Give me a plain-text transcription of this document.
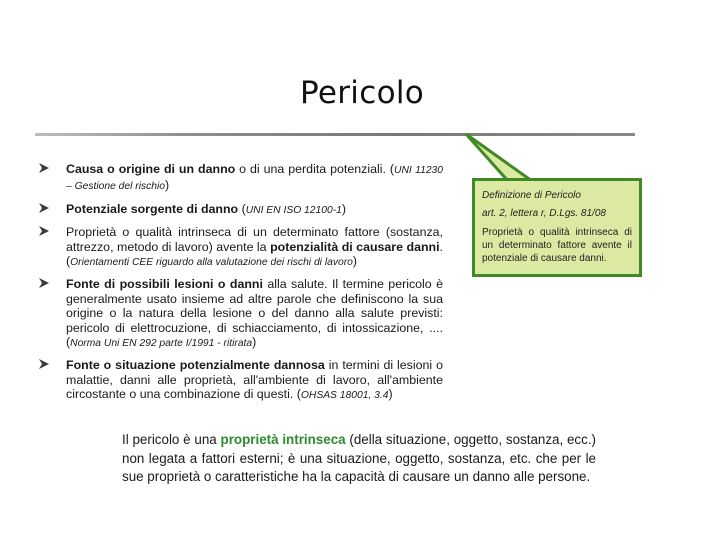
Pericolo
Causa o origine di un danno o di una perdita potenziali. (UNI 11230 – Gestione del rischio)
Potenziale sorgente di danno (UNI EN ISO 12100-1)
Proprietà o qualità intrinseca di un determinato fattore (sostanza, attrezzo, metodo di lavoro) avente la potenzialità di causare danni. (Orientamenti CEE riguardo alla valutazione dei rischi di lavoro)
Fonte di possibili lesioni o danni alla salute. Il termine pericolo è generalmente usato insieme ad altre parole che definiscono la sua origine o la natura della lesione o del danno alla salute previsti: pericolo di elettrocuzione, di schiacciamento, di intossicazione, ....(Norma Uni EN 292 parte I/1991 - ritirata)
Fonte o situazione potenzialmente dannosa in termini di lesioni o malattie, danni alle proprietà, all'ambiente di lavoro, all'ambiente circostante o una combinazione di questi. (OHSAS 18001, 3.4)
Definizione di Pericolo
art. 2, lettera r, D.Lgs. 81/08
Proprietà o qualità intrinseca di un determinato fattore avente il potenziale di causare danni.
Il pericolo è una proprietà intrinseca (della situazione, oggetto, sostanza, ecc.) non legata a fattori esterni; è una situazione, oggetto, sostanza, etc. che per le sue proprietà o caratteristiche ha la capacità di causare un danno alle persone.
